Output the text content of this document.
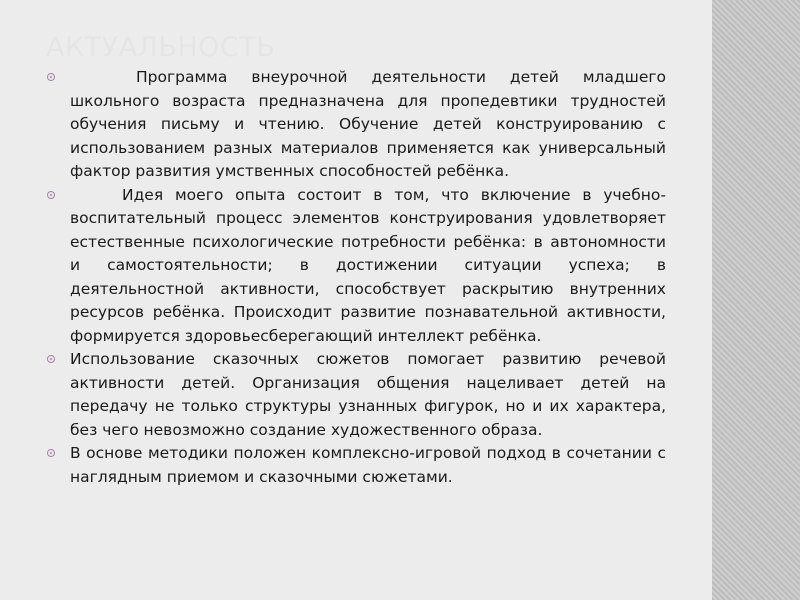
АКТУАЛЬНОСТЬ
Программа внеурочной деятельности детей младшего школьного возраста предназначена для пропедевтики трудностей обучения письму и чтению. Обучение детей конструированию с использованием разных материалов применяется как универсальный фактор развития умственных способностей ребёнка.
Идея моего опыта состоит в том, что включение в учебно-воспитательный процесс элементов конструирования удовлетворяет естественные психологические потребности ребёнка: в автономности и самостоятельности; в достижении ситуации успеха; в деятельностной активности, способствует раскрытию внутренних ресурсов ребёнка. Происходит развитие познавательной активности, формируется здоровьесберегающий интеллект ребёнка.
Использование сказочных сюжетов помогает развитию речевой активности детей. Организация общения нацеливает детей на передачу не только структуры узнанных фигурок, но и их характера, без чего невозможно создание художественного образа.
В основе методики положен комплексно-игровой подход в сочетании с наглядным приемом и сказочными сюжетами.
